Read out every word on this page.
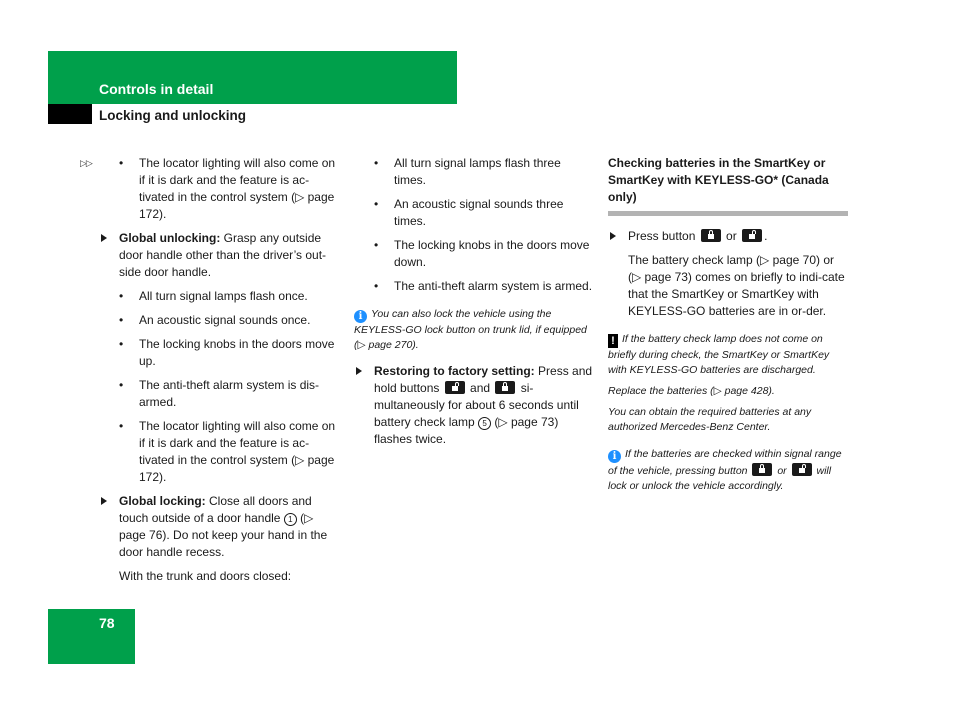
Controls in detail
Locking and unlocking
▷▷ • The locator lighting will also come on if it is dark and the feature is ac-tivated in the control system (▷ page 172).
Global unlocking: Grasp any outside door handle other than the driver’s out-side door handle.
• All turn signal lamps flash once.
• An acoustic signal sounds once.
• The locking knobs in the doors move up.
• The anti-theft alarm system is dis-armed.
• The locator lighting will also come on if it is dark and the feature is ac-tivated in the control system (▷ page 172).
Global locking: Close all doors and touch outside of a door handle 1 (▷ page 76). Do not keep your hand in the door handle recess.
With the trunk and doors closed:
• All turn signal lamps flash three times.
• An acoustic signal sounds three times.
• The locking knobs in the doors move down.
• The anti-theft alarm system is armed.
i You can also lock the vehicle using the KEYLESS-GO lock button on trunk lid, if equipped (▷ page 270).
Restoring to factory setting: Press and hold buttons  and  si-multaneously for about 6 seconds until battery check lamp 5 (▷ page 73) flashes twice.
Checking batteries in the SmartKey or SmartKey with KEYLESS-GO* (Canada only)
Press button  or .
The battery check lamp (▷ page 70) or (▷ page 73) comes on briefly to indi-cate that the SmartKey or SmartKey with KEYLESS-GO batteries are in or-der.
! If the battery check lamp does not come on briefly during check, the SmartKey or SmartKey with KEYLESS-GO batteries are discharged.
Replace the batteries (▷ page 428).
You can obtain the required batteries at any authorized Mercedes-Benz Center.
i If the batteries are checked within signal range of the vehicle, pressing button  or  will lock or unlock the vehicle accordingly.
78
